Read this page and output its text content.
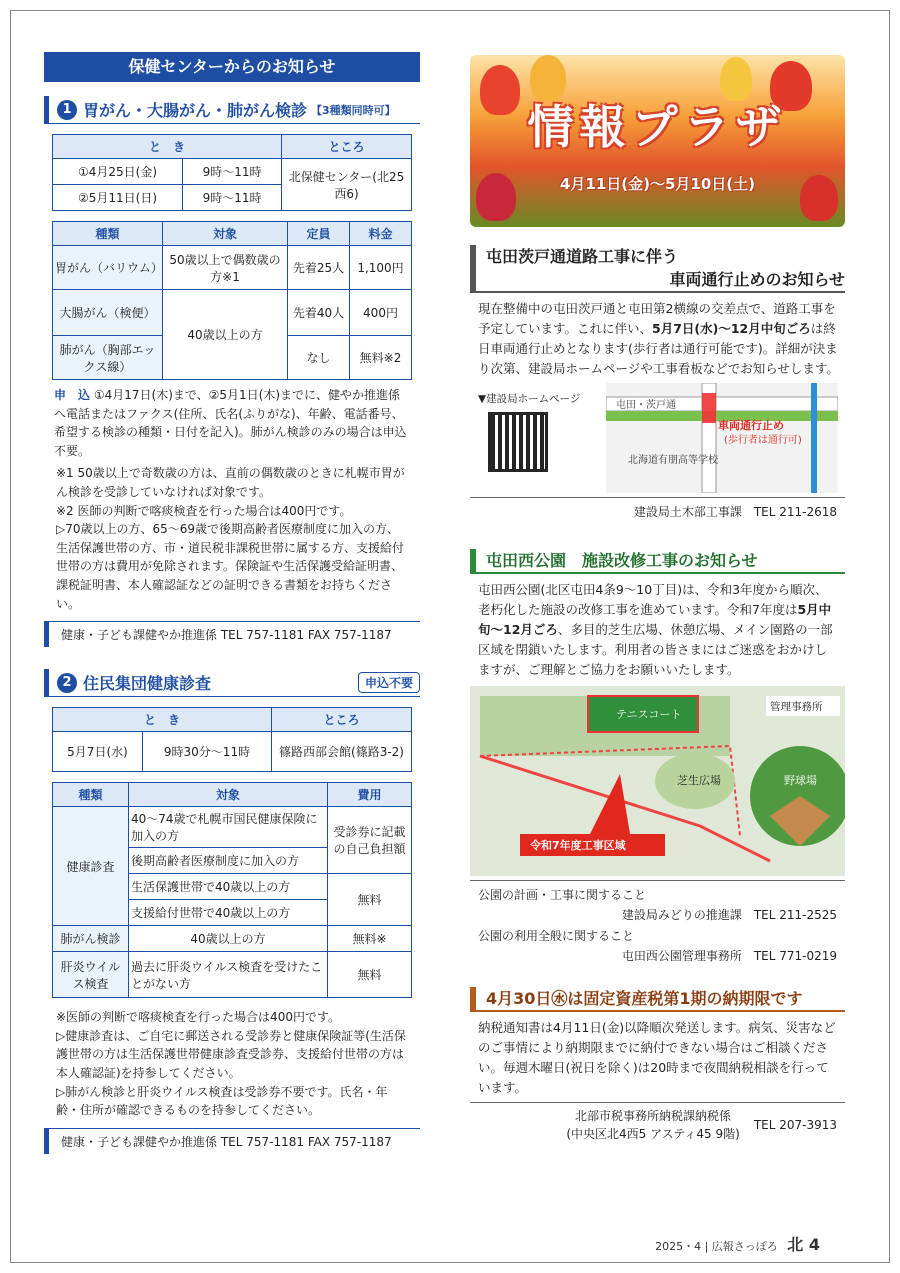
保健センターからのお知らせ
1 胃がん・大腸がん・肺がん検診 【3種類同時可】
と　き		ところ
①4月25日(金)	9時〜11時	北保健センター(北25西6)
②5月11日(日)	9時〜11時	
種類	対象	定員	料金
胃がん（バリウム）	50歳以上で偶数歳の方※1	先着25人	1,100円
大腸がん（検便）	40歳以上の方	先着40人	400円
肺がん（胸部エックス線）		なし	無料※2
申　込 ①4月17日(木)まで、②5月1日(木)までに、健やか推進係へ電話またはファクス(住所、氏名(ふりがな)、年齢、電話番号、希望する検診の種類・日付を記入)。肺がん検診のみの場合は申込不要。

※1 50歳以上で奇数歳の方は、直前の偶数歳のときに札幌市胃がん検診を受診していなければ対象です。

※2 医師の判断で喀痰検査を行った場合は400円です。

▷70歳以上の方、65〜69歳で後期高齢者医療制度に加入の方、生活保護世帯の方、市・道民税非課税世帯に属する方、支援給付世帯の方は費用が免除されます。保険証や生活保護受給証明書、課税証明書、本人確認証などの証明できる書類をお持ちください。

健康・子ども課健やか推進係 TEL 757-1181 FAX 757-1187
2 住民集団健康診査	申込不要
と　き		ところ
5月7日(水)	9時30分〜11時	篠路西部会館(篠路3-2)
種類	対象	費用
健康診査	40〜74歳で札幌市国民健康保険に加入の方	受診券に記載の自己負担額
	後期高齢者医療制度に加入の方	
	生活保護世帯で40歳以上の方	無料
	支援給付世帯で40歳以上の方	
肺がん検診	40歳以上の方	無料※
肝炎ウイルス検査	過去に肝炎ウイルス検査を受けたことがない方	無料

※医師の判断で喀痰検査を行った場合は400円です。

▷健康診査は、ご自宅に郵送される受診券と健康保険証等(生活保護世帯の方は生活保護世帯健康診査受診券、支援給付世帯の方は本人確認証)を持参してください。

▷肺がん検診と肝炎ウイルス検査は受診券不要です。氏名・年齢・住所が確認できるものを持参してください。

健康・子ども課健やか推進係 TEL 757-1181 FAX 757-1187
情報プラザ
4月11日(金)〜5月10日(土)
屯田茨戸通道路工事に伴う
車両通行止めのお知らせ
現在整備中の屯田茨戸通と屯田第2横線の交差点で、道路工事を予定しています。これに伴い、5月7日(水)〜12月中旬ごろは終日車両通行止めとなります(歩行者は通行可能です)。詳細が決まり次第、建設局ホームページや工事看板などでお知らせします。
▼建設局ホームページ
屯田・茨戸通
車両通行止め
(歩行者は通行可)
北海道有朋高等学校
建設局土木部工事課　TEL 211-2618
屯田西公園　施設改修工事のお知らせ
屯田西公園(北区屯田4条9〜10丁目)は、令和3年度から順次、老朽化した施設の改修工事を進めています。令和7年度は5月中旬〜12月ごろ、多目的芝生広場、休憩広場、メイン園路の一部区域を閉鎖いたします。利用者の皆さまにはご迷惑をおかけしますが、ご理解とご協力をお願いいたします。
テニスコート
管理事務所
芝生広場	野球場
令和7年度工事区域
公園の計画・工事に関すること
建設局みどりの推進課　TEL 211-2525
公園の利用全般に関すること
屯田西公園管理事務所　TEL 771-0219
4月30日㊌は固定資産税第1期の納期限です
納税通知書は4月11日(金)以降順次発送します。病気、災害などのご事情により納期限までに納付できない場合はご相談ください。毎週木曜日(祝日を除く)は20時まで夜間納税相談を行っています。
北部市税事務所納税課納税係
(中央区北4西5 アスティ45 9階)
TEL 207-3913
2025・4 | 広報さっぽろ 北 4
